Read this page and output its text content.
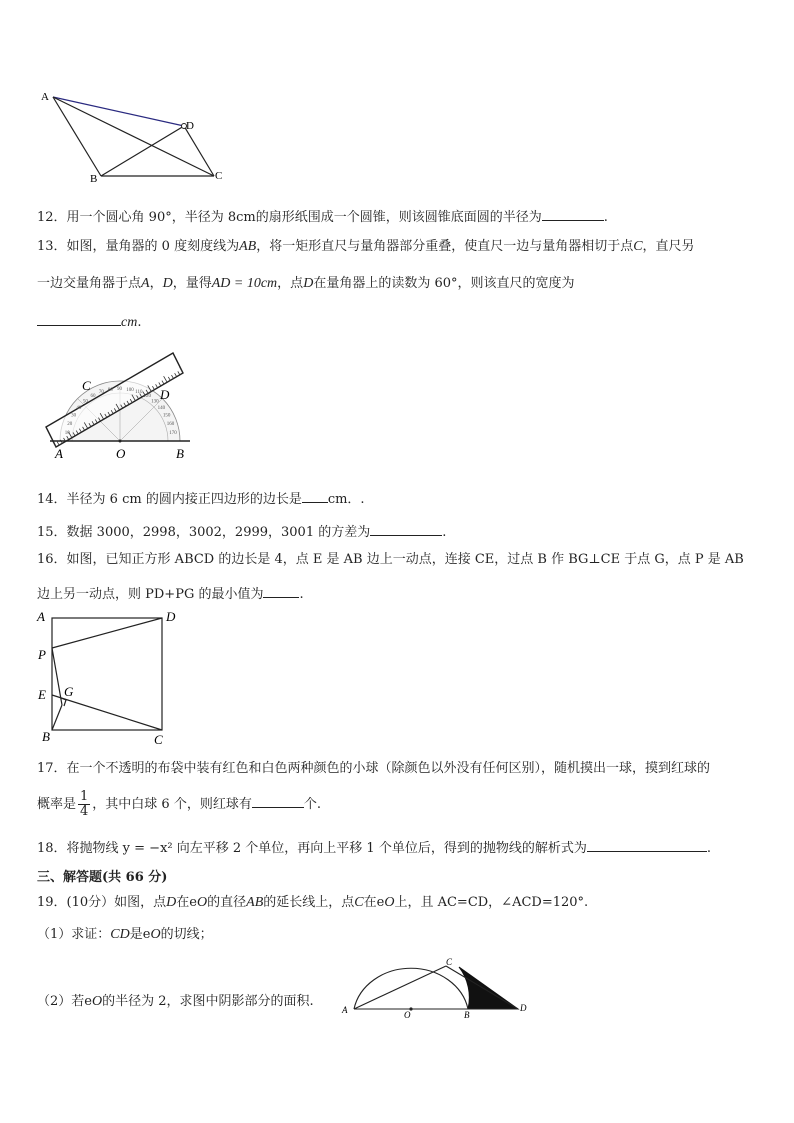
A
D
B	C
12．用一个圆心角 90°，半径为 8cm的扇形纸围成一个圆锥，则该圆锥底面圆的半径为	.
13．如图，量角器的 0 度刻度线为AB，将一矩形直尺与量角器部分重叠，使直尺一边与量角器相切于点C，直尺另
一边交量角器于点A，D，量得AD = 10cm，点D在量角器上的读数为 60°，则该直尺的宽度为
cm.
10
20
30
40
50
60
70 80 90 100 110
120
130
140
150
160
170
C
D
A	O	B
14．半径为 6 cm 的圆内接正四边形的边长是 cm．.
15．数据 3000，2998，3002，2999，3001 的方差为	.
16．如图，已知正方形 ABCD 的边长是 4，点 E 是 AB 边上一动点，连接 CE，过点 B 作 BG⊥CE 于点 G，点 P 是 AB
边上另一动点，则 PD+PG 的最小值为	.
A	D
P
E G
B	C
17．在一个不透明的布袋中装有红色和白色两种颜色的小球（除颜色以外没有任何区别），随机摸出一球，摸到红球的
概率是 $\frac{1}{4}$ ，其中白球 6 个，则红球有	个.
18．将抛物线 y = −x² 向左平移 2 个单位，再向上平移 1 个单位后，得到的抛物线的解析式为	.
三、解答题(共 66 分)
19．(10分）如图，点D在eO的直径AB的延长线上，点C在eO上，且 AC=CD，∠ACD=120°.
（1）求证：CD是eO的切线；
（2）若eO的半径为 2，求图中阴影部分的面积.
A	O	B
C
D
